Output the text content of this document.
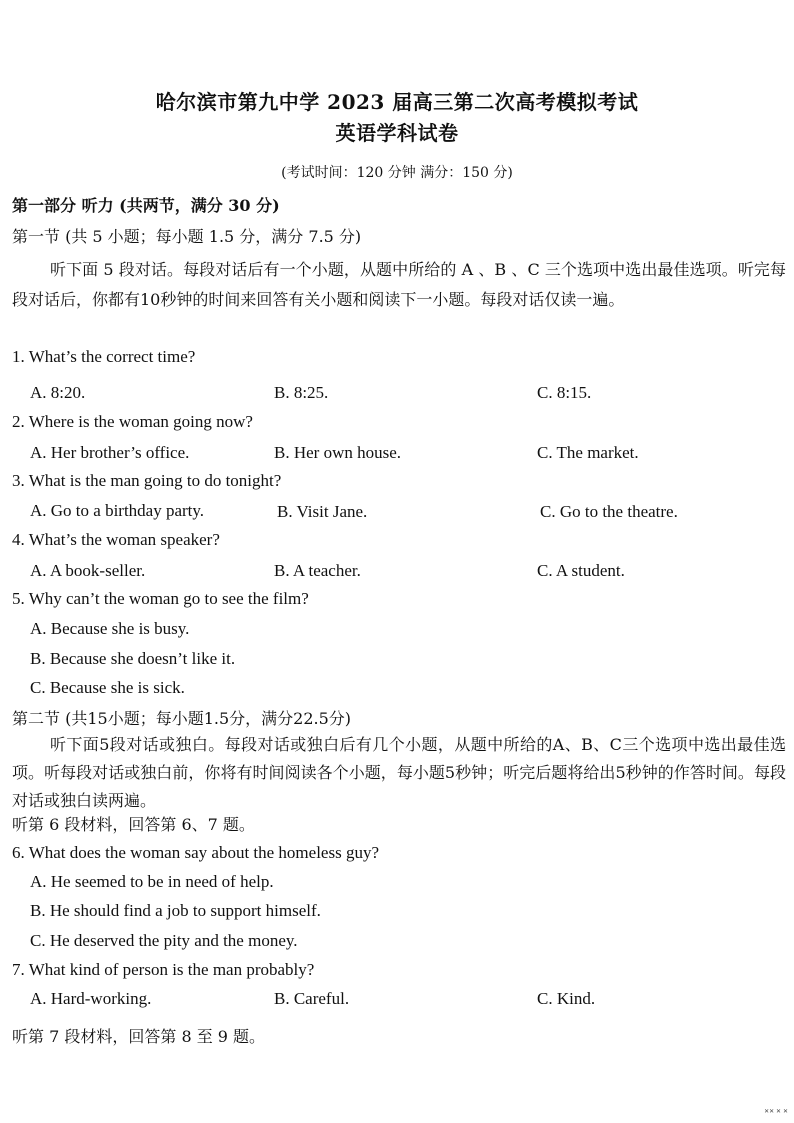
哈尔滨市第九中学 2023 届高三第二次高考模拟考试
英语学科试卷
(考试时间：120 分钟 满分：150 分)
第一部分 听力 (共两节，满分 30 分)
第一节 (共 5 小题；每小题 1.5 分，满分 7.5 分)
听下面 5 段对话。每段对话后有一个小题，从题中所给的 A 、B 、C 三个选项中选出最佳选项。听完每段对话后，你都有10秒钟的时间来回答有关小题和阅读下一小题。每段对话仅读一遍。
1. What’s the correct time?
A. 8:20.	B. 8:25.	C. 8:15.
2. Where is the woman going now?
A. Her brother’s office.	B. Her own house.	C. The market.
3. What is the man going to do tonight?
A. Go to a birthday party.	B. Visit Jane.	C. Go to the theatre.
4. What’s the woman speaker?
A. A book-seller.	B. A teacher.	C. A student.
5. Why can’t the woman go to see the film?
A. Because she is busy.
B. Because she doesn’t like it.
C. Because she is sick.
第二节 (共15小题；每小题1.5分，满分22.5分)
听下面5段对话或独白。每段对话或独白后有几个小题，从题中所给的A、B、C三个选项中选出最佳选项。听每段对话或独白前，你将有时间阅读各个小题，每小题5秒钟；听完后题将给出5秒钟的作答时间。每段对话或独白读两遍。
听第 6 段材料，回答第 6、7 题。
6. What does the woman say about the homeless guy?
A. He seemed to be in need of help.
B. He should find a job to support himself.
C. He deserved the pity and the money.
7. What kind of person is the man probably?
A. Hard-working.	B. Careful.	C. Kind.
听第 7 段材料，回答第 8 至 9 题。
✕✕ ✕ ✕
